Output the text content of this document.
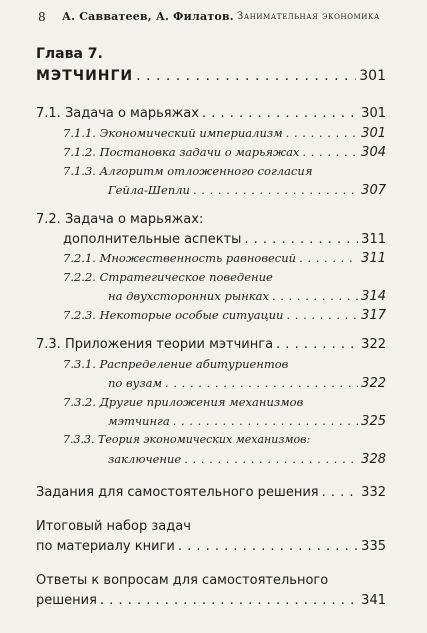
8 А. Савватеев, А. Филатов. Занимательная экономика
Глава 7.
МЭТЧИНГИ . . .	301
7.1. Задача о марьяжах . . .	301
7.1.1. Экономический империализм . . .	301
7.1.2. Постановка задачи о марьяжах . . .	304
7.1.3. Алгоритм отложенного согласия
Гейла-Шепли . . .	307
7.2. Задача о марьяжах:
дополнительные аспекты . . .	311
7.2.1. Множественность равновесий . . .	311
7.2.2. Стратегическое поведение
на двухсторонних рынках . . .	314
7.2.3. Некоторые особые ситуации . . .	317
7.3. Приложения теории мэтчинга . . .	322
7.3.1. Распределение абитуриентов
по вузам . . .	322
7.3.2. Другие приложения механизмов
мэтчинга . . .	325
7.3.3. Теория экономических механизмов:
заключение . . .	328
Задания для самостоятельного решения . . .	332
Итоговый набор задач
по материалу книги . . .	335
Ответы к вопросам для самостоятельного
решения . . .	341
